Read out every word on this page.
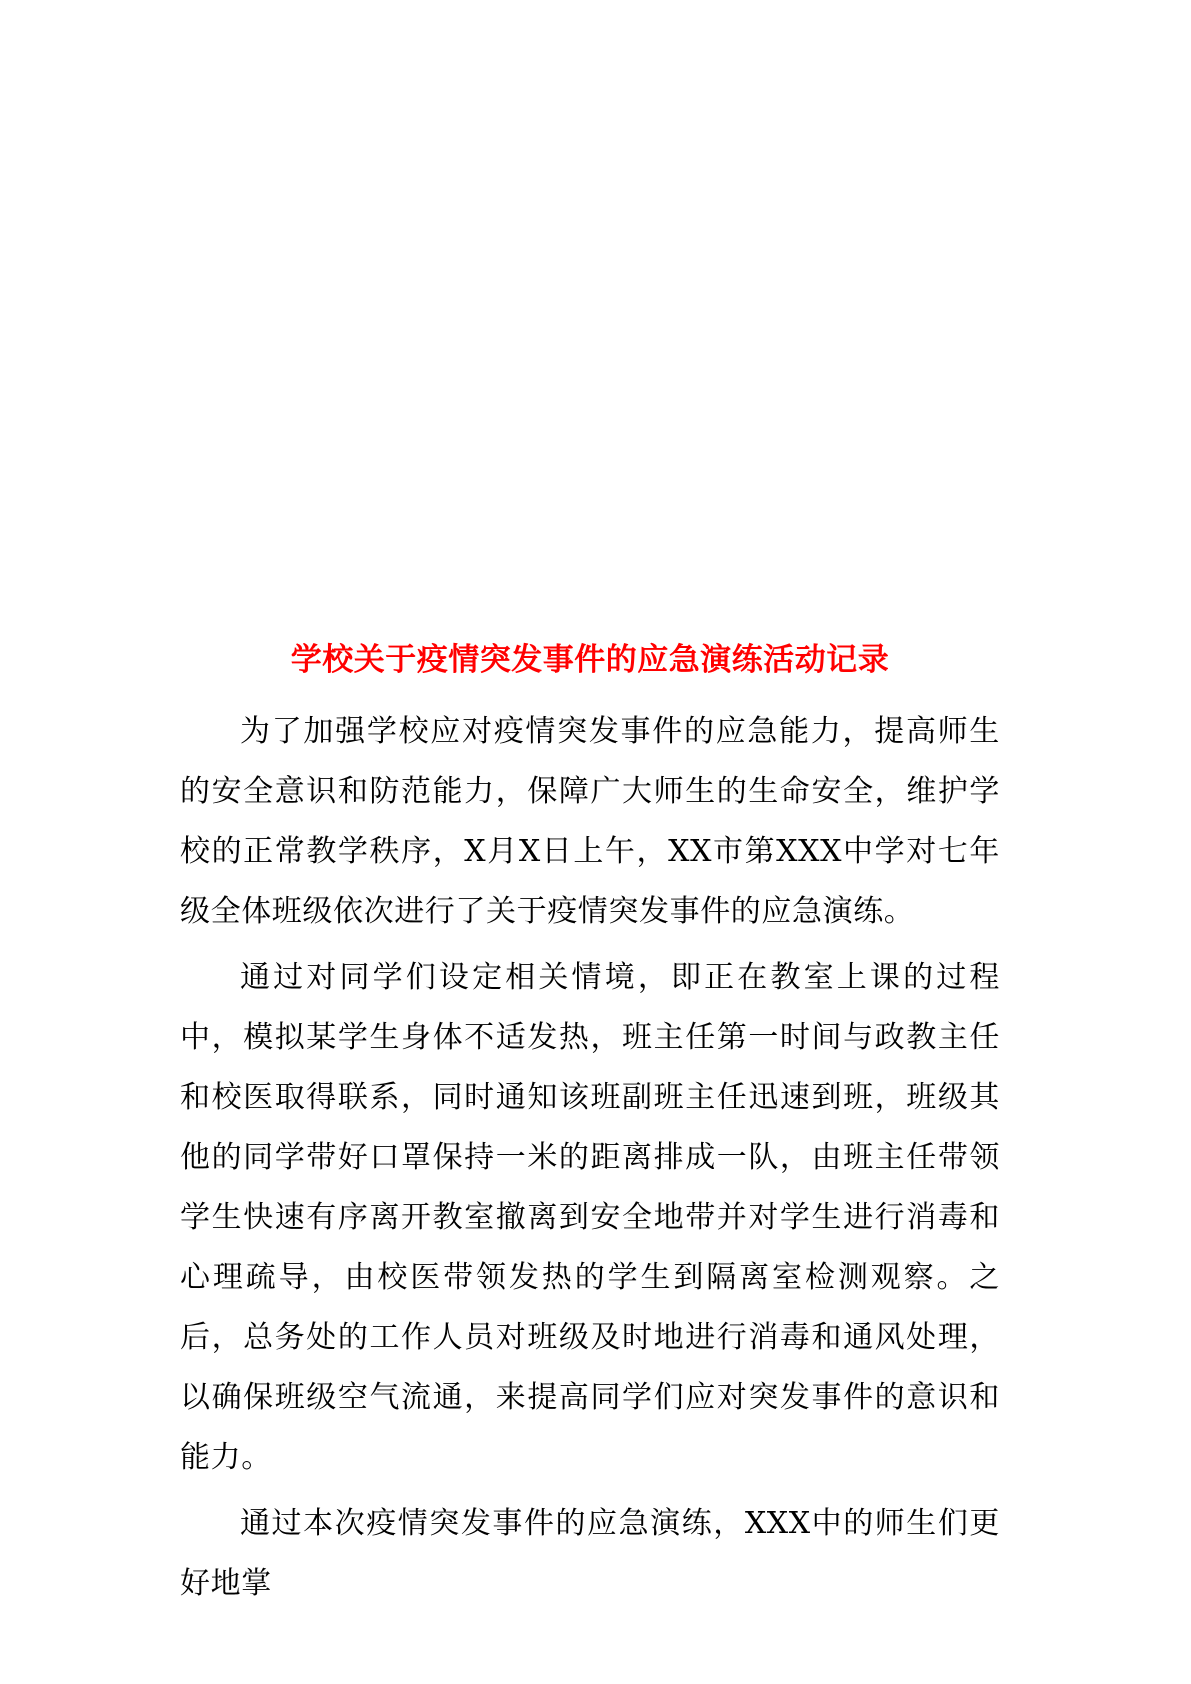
学校关于疫情突发事件的应急演练活动记录

为了加强学校应对疫情突发事件的应急能力，提高师生的安全意识和防范能力，保障广大师生的生命安全，维护学校的正常教学秩序，X月X日上午，XX市第XXX中学对七年级全体班级依次进行了关于疫情突发事件的应急演练。

通过对同学们设定相关情境，即正在教室上课的过程中，模拟某学生身体不适发热，班主任第一时间与政教主任和校医取得联系，同时通知该班副班主任迅速到班，班级其他的同学带好口罩保持一米的距离排成一队，由班主任带领学生快速有序离开教室撤离到安全地带并对学生进行消毒和心理疏导，由校医带领发热的学生到隔离室检测观察。之后，总务处的工作人员对班级及时地进行消毒和通风处理，以确保班级空气流通，来提高同学们应对突发事件的意识和能力。

通过本次疫情突发事件的应急演练，XXX中的师生们更好地掌
